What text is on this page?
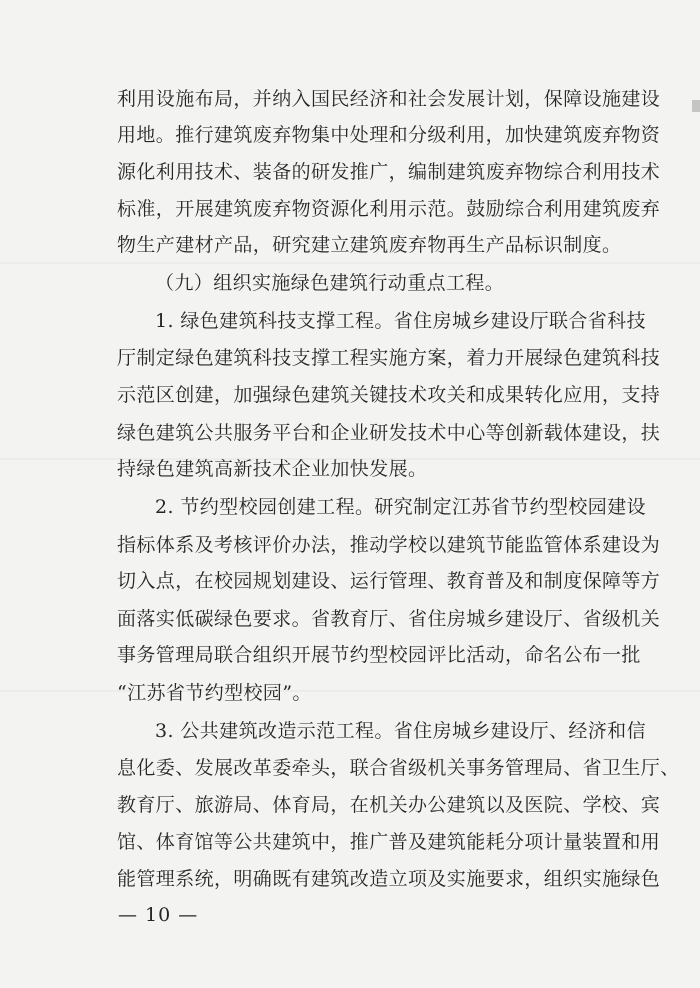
利用设施布局，并纳入国民经济和社会发展计划，保障设施建设
用地。推行建筑废弃物集中处理和分级利用，加快建筑废弃物资
源化利用技术、装备的研发推广，编制建筑废弃物综合利用技术
标准，开展建筑废弃物资源化利用示范。鼓励综合利用建筑废弃
物生产建材产品，研究建立建筑废弃物再生产品标识制度。
（九）组织实施绿色建筑行动重点工程。
1. 绿色建筑科技支撑工程。省住房城乡建设厅联合省科技
厅制定绿色建筑科技支撑工程实施方案，着力开展绿色建筑科技
示范区创建，加强绿色建筑关键技术攻关和成果转化应用，支持
绿色建筑公共服务平台和企业研发技术中心等创新载体建设，扶
持绿色建筑高新技术企业加快发展。
2. 节约型校园创建工程。研究制定江苏省节约型校园建设
指标体系及考核评价办法，推动学校以建筑节能监管体系建设为
切入点，在校园规划建设、运行管理、教育普及和制度保障等方
面落实低碳绿色要求。省教育厅、省住房城乡建设厅、省级机关
事务管理局联合组织开展节约型校园评比活动，命名公布一批
“江苏省节约型校园”。
3. 公共建筑改造示范工程。省住房城乡建设厅、经济和信
息化委、发展改革委牵头，联合省级机关事务管理局、省卫生厅、
教育厅、旅游局、体育局，在机关办公建筑以及医院、学校、宾
馆、体育馆等公共建筑中，推广普及建筑能耗分项计量装置和用
能管理系统，明确既有建筑改造立项及实施要求，组织实施绿色
— 10 —
